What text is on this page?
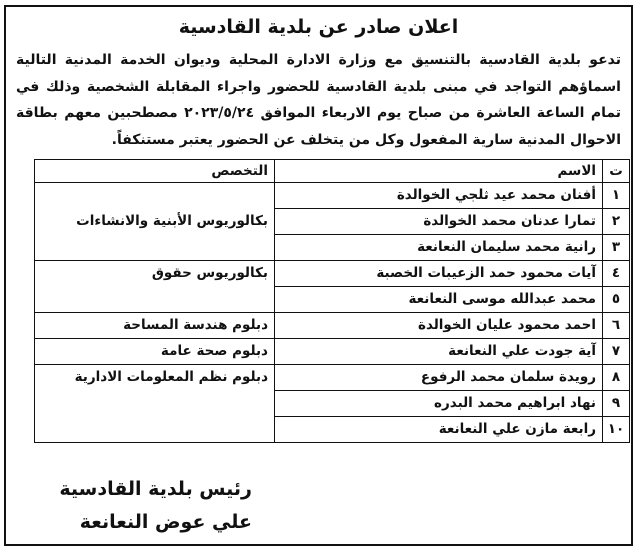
اعلان صادر عن بلدية القادسية
تدعو بلدية القادسية بالتنسيق مع وزارة الادارة المحلية وديوان الخدمة المدنية التالية اسماؤهم التواجد في مبنى بلدية القادسية للحضور واجراء المقابلة الشخصية وذلك في تمام الساعة العاشرة من صباح يوم الاربعاء الموافق ٢٠٢٣/٥/٢٤ مصطحبين معهم بطاقة الاحوال المدنية سارية المفعول وكل من يتخلف عن الحضور يعتبر مستنكفاً.
ت	الاسم	التخصص
١	أفنان محمد عيد ثلجي الخوالدة	بكالوريوس الأبنية والانشاءات
٢	تمارا عدنان محمد الخوالدة	
٣	رانية محمد سليمان النعانعة	
٤	آيات محمود حمد الزعيبات الخصبة	بكالوريوس حقوق
٥	محمد عبدالله موسى النعانعة	
٦	احمد محمود عليان الخوالدة	دبلوم هندسة المساحة
٧	آية جودت علي النعانعة	دبلوم صحة عامة
٨	رويدة سلمان محمد الرفوع	دبلوم نظم المعلومات الادارية
٩	نهاد ابراهيم محمد البدره	
١٠	رابعة مازن علي النعانعة	
رئيس بلدية القادسية
علي عوض النعانعة
